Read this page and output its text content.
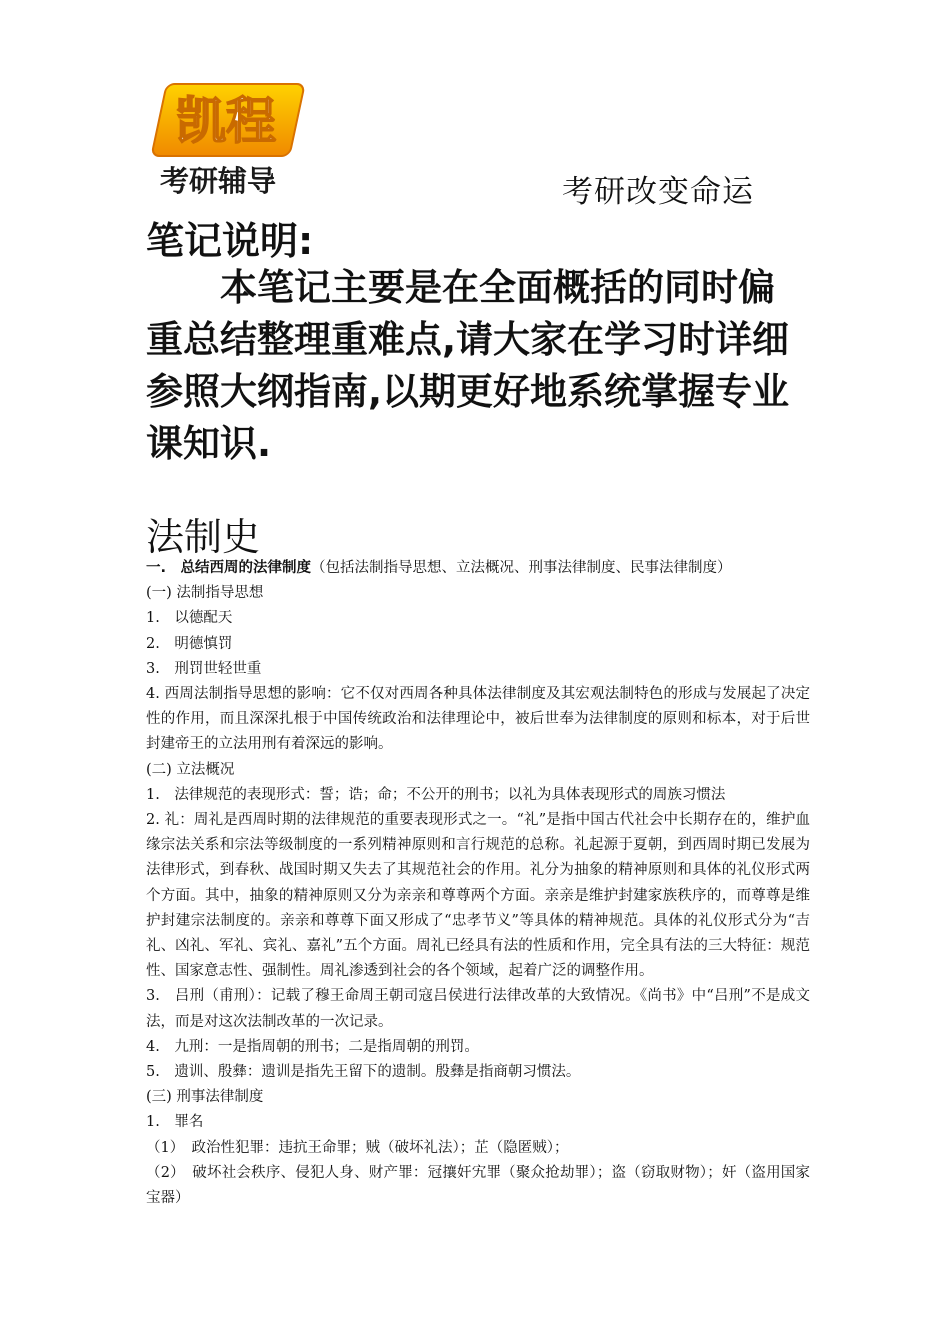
凯程
考研辅导	考研改变命运
笔记说明:
本笔记主要是在全面概括的同时偏重总结整理重难点,请大家在学习时详细参照大纲指南,以期更好地系统掌握专业课知识.
法制史

一.　 总结西周的法律制度（包括法制指导思想、立法概况、刑事法律制度、民事法律制度）

(一) 法制指导思想

1.　以德配天

2.　明德慎罚

3.　刑罚世轻世重

4. 西周法制指导思想的影响：它不仅对西周各种具体法律制度及其宏观法制特色的形成与发展起了决定性的作用，而且深深扎根于中国传统政治和法律理论中，被后世奉为法律制度的原则和标本，对于后世封建帝王的立法用刑有着深远的影响。

(二) 立法概况

1.　法律规范的表现形式：誓；诰；命；不公开的刑书；以礼为具体表现形式的周族习惯法

2. 礼：周礼是西周时期的法律规范的重要表现形式之一。“礼”是指中国古代社会中长期存在的，维护血缘宗法关系和宗法等级制度的一系列精神原则和言行规范的总称。礼起源于夏朝，到西周时期已发展为法律形式，到春秋、战国时期又失去了其规范社会的作用。礼分为抽象的精神原则和具体的礼仪形式两个方面。其中，抽象的精神原则又分为亲亲和尊尊两个方面。亲亲是维护封建家族秩序的，而尊尊是维护封建宗法制度的。亲亲和尊尊下面又形成了“忠孝节义”等具体的精神规范。具体的礼仪形式分为“吉礼、凶礼、军礼、宾礼、嘉礼”五个方面。周礼已经具有法的性质和作用，完全具有法的三大特征：规范性、国家意志性、强制性。周礼渗透到社会的各个领域，起着广泛的调整作用。

3.　吕刑（甫刑）：记载了穆王命周王朝司寇吕侯进行法律改革的大致情况。《尚书》中“吕刑”不是成文法，而是对这次法制改革的一次记录。

4.　九刑：一是指周朝的刑书；二是指周朝的刑罚。

5.　遗训、殷彝：遗训是指先王留下的遗制。殷彝是指商朝习惯法。

(三) 刑事法律制度

1.　罪名

（1）　政治性犯罪：违抗王命罪；贼（破坏礼法）；芷（隐匿贼）；

（2）　破坏社会秩序、侵犯人身、财产罪：冠攘奸宄罪（聚众抢劫罪）；盗（窃取财物）；奸（盗用国家宝器）
